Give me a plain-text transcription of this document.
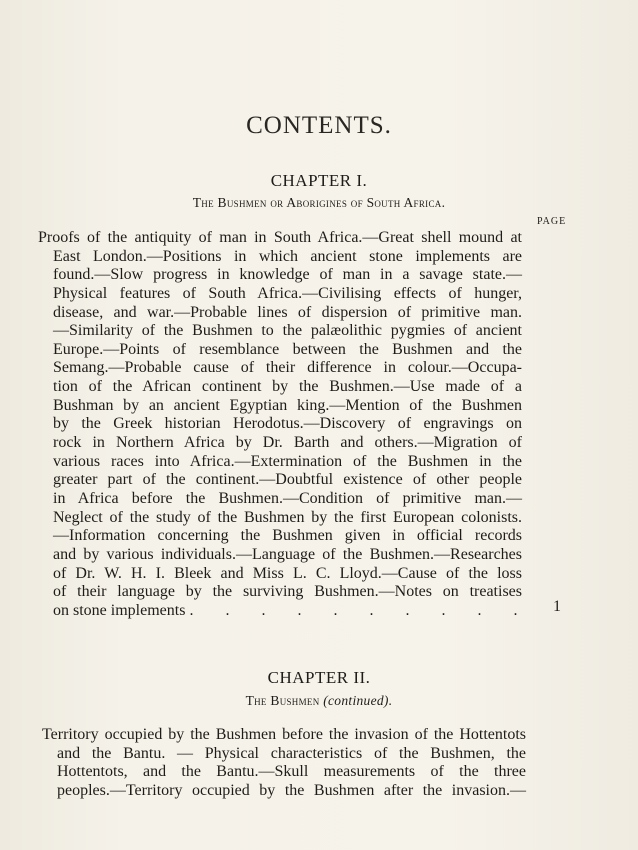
CONTENTS.
CHAPTER I.
The Bushmen or Aborigines of South Africa.
PAGE
Proofs of the antiquity of man in South Africa.—Great shell mound at
East London.—Positions in which ancient stone implements are
found.—Slow progress in knowledge of man in a savage state.—
Physical features of South Africa.—Civilising effects of hunger,
disease, and war.—Probable lines of dispersion of primitive man.
—Similarity of the Bushmen to the palæolithic pygmies of ancient
Europe.—Points of resemblance between the Bushmen and the
Semang.—Probable cause of their difference in colour.—Occupa-
tion of the African continent by the Bushmen.—Use made of a
Bushman by an ancient Egyptian king.—Mention of the Bushmen
by the Greek historian Herodotus.—Discovery of engravings on
rock in Northern Africa by Dr. Barth and others.—Migration of
various races into Africa.—Extermination of the Bushmen in the
greater part of the continent.—Doubtful existence of other people
in Africa before the Bushmen.—Condition of primitive man.—
Neglect of the study of the Bushmen by the first European colonists.
—Information concerning the Bushmen given in official records
and by various individuals.—Language of the Bushmen.—Researches
of Dr. W. H. I. Bleek and Miss L. C. Lloyd.—Cause of the loss
of their language by the surviving Bushmen.—Notes on treatises
on stone implements . . . . . . . . . . 1
CHAPTER II.
The Bushmen (continued).
Territory occupied by the Bushmen before the invasion of the Hottentots
and the Bantu. — Physical characteristics of the Bushmen, the
Hottentots, and the Bantu.—Skull measurements of the three
peoples.—Territory occupied by the Bushmen after the invasion.—
